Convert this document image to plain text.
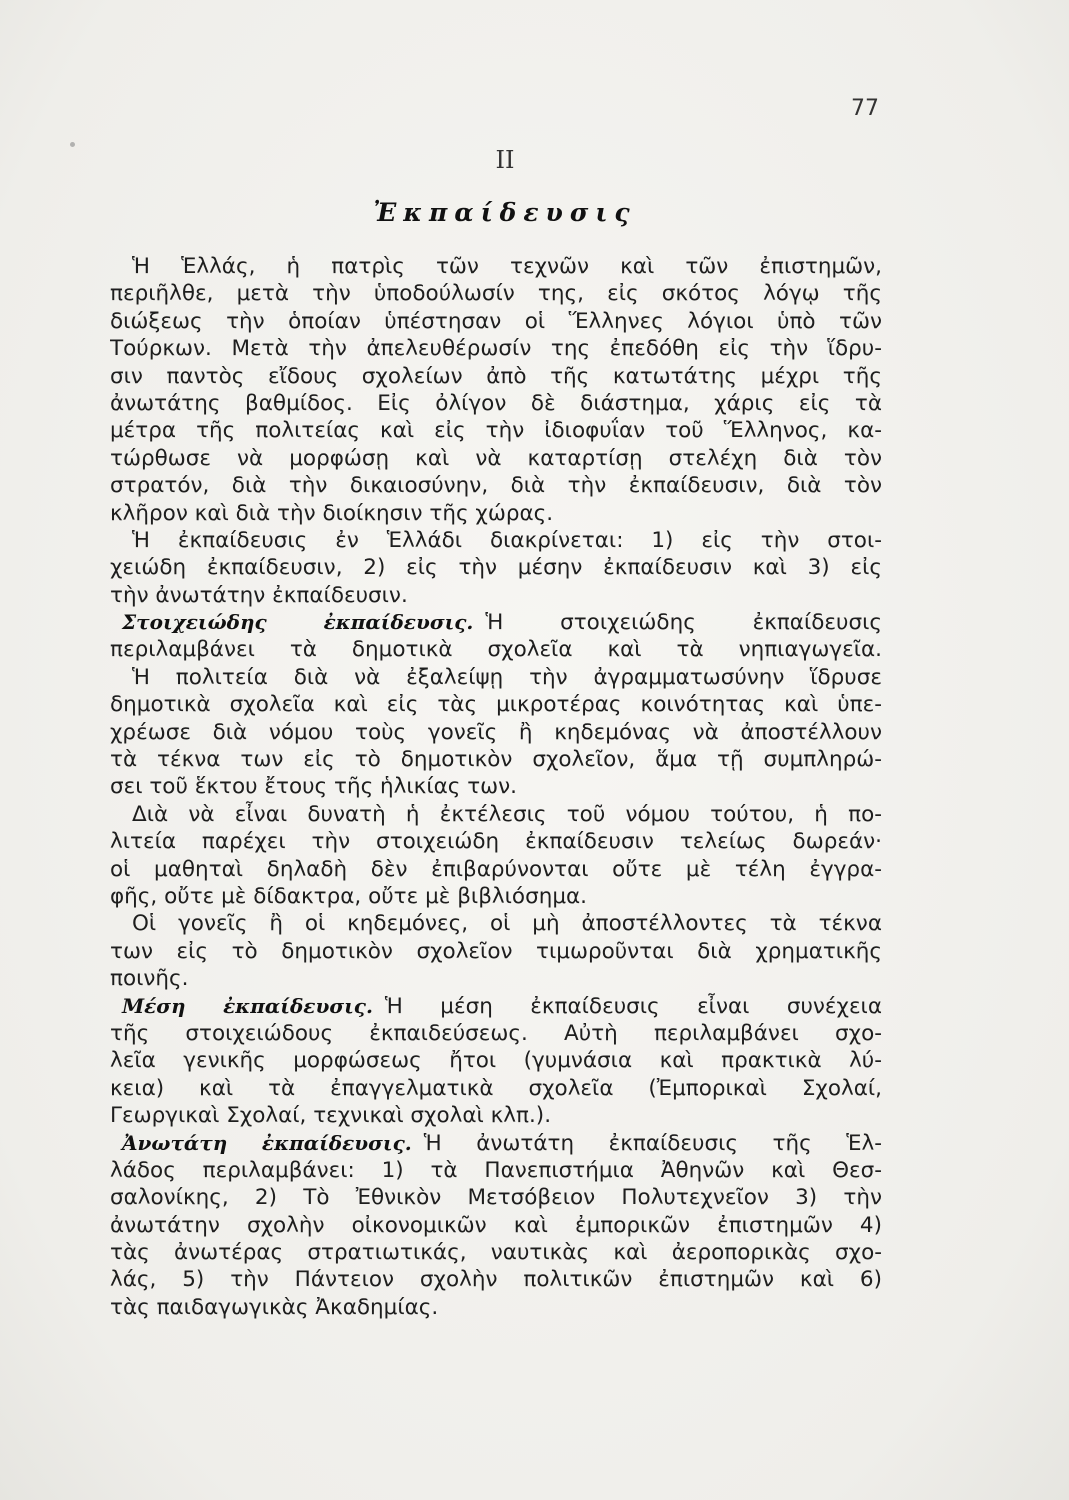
77
ΙΙ
Ἐκπαίδευσις
Ἡ Ἑλλάς, ἡ πατρὶς τῶν τεχνῶν καὶ τῶν ἐπιστημῶν,
περιῆλθε, μετὰ τὴν ὑποδούλωσίν της, εἰς σκότος λόγῳ τῆς
διώξεως τὴν ὁποίαν ὑπέστησαν οἱ Ἕλληνες λόγιοι ὑπὸ τῶν
Τούρκων. Μετὰ τὴν ἀπελευθέρωσίν της ἐπεδόθη εἰς τὴν ἵδρυ-
σιν παντὸς εἴδους σχολείων ἀπὸ τῆς κατωτάτης μέχρι τῆς
ἀνωτάτης βαθμίδος. Εἰς ὀλίγον δὲ διάστημα, χάρις εἰς τὰ
μέτρα τῆς πολιτείας καὶ εἰς τὴν ἰδιοφυΐαν τοῦ Ἕλληνος, κα-
τώρθωσε νὰ μορφώσῃ καὶ νὰ καταρτίσῃ στελέχη διὰ τὸν
στρατόν, διὰ τὴν δικαιοσύνην, διὰ τὴν ἐκπαίδευσιν, διὰ τὸν
κλῆρον καὶ διὰ τὴν διοίκησιν τῆς χώρας.
Ἡ ἐκπαίδευσις ἐν Ἑλλάδι διακρίνεται: 1) εἰς τὴν στοι-
χειώδη ἐκπαίδευσιν, 2) εἰς τὴν μέσην ἐκπαίδευσιν καὶ 3) εἰς
τὴν ἀνωτάτην ἐκπαίδευσιν.
Στοιχειώδης ἐκπαίδευσις. Ἡ στοιχειώδης ἐκπαίδευσις
περιλαμβάνει τὰ δημοτικὰ σχολεῖα καὶ τὰ νηπιαγωγεῖα.
Ἡ πολιτεία διὰ νὰ ἐξαλείψῃ τὴν ἀγραμματωσύνην ἵδρυσε
δημοτικὰ σχολεῖα καὶ εἰς τὰς μικροτέρας κοινότητας καὶ ὑπε-
χρέωσε διὰ νόμου τοὺς γονεῖς ἢ κηδεμόνας νὰ ἀποστέλλουν
τὰ τέκνα των εἰς τὸ δημοτικὸν σχολεῖον, ἅμα τῇ συμπληρώ-
σει τοῦ ἕκτου ἔτους τῆς ἡλικίας των.
Διὰ νὰ εἶναι δυνατὴ ἡ ἐκτέλεσις τοῦ νόμου τούτου, ἡ πο-
λιτεία παρέχει τὴν στοιχειώδη ἐκπαίδευσιν τελείως δωρεάν·
οἱ μαθηταὶ δηλαδὴ δὲν ἐπιβαρύνονται οὔτε μὲ τέλη ἐγγρα-
φῆς, οὔτε μὲ δίδακτρα, οὔτε μὲ βιβλιόσημα.
Οἱ γονεῖς ἢ οἱ κηδεμόνες, οἱ μὴ ἀποστέλλοντες τὰ τέκνα
των εἰς τὸ δημοτικὸν σχολεῖον τιμωροῦνται διὰ χρηματικῆς
ποινῆς.
Μέση ἐκπαίδευσις. Ἡ μέση ἐκπαίδευσις εἶναι συνέχεια
τῆς στοιχειώδους ἐκπαιδεύσεως. Αὐτὴ περιλαμβάνει σχο-
λεῖα γενικῆς μορφώσεως ἤτοι (γυμνάσια καὶ πρακτικὰ λύ-
κεια) καὶ τὰ ἐπαγγελματικὰ σχολεῖα (Ἐμπορικαὶ Σχολαί,
Γεωργικαὶ Σχολαί, τεχνικαὶ σχολαὶ κλπ.).
Ἀνωτάτη ἐκπαίδευσις. Ἡ ἀνωτάτη ἐκπαίδευσις τῆς Ἑλ-
λάδος περιλαμβάνει: 1) τὰ Πανεπιστήμια Ἀθηνῶν καὶ Θεσ-
σαλονίκης, 2) Τὸ Ἐθνικὸν Μετσόβειον Πολυτεχνεῖον 3) τὴν
ἀνωτάτην σχολὴν οἰκονομικῶν καὶ ἐμπορικῶν ἐπιστημῶν 4)
τὰς ἀνωτέρας στρατιωτικάς, ναυτικὰς καὶ ἀεροπορικὰς σχο-
λάς, 5) τὴν Πάντειον σχολὴν πολιτικῶν ἐπιστημῶν καὶ 6)
τὰς παιδαγωγικὰς Ἀκαδημίας.
